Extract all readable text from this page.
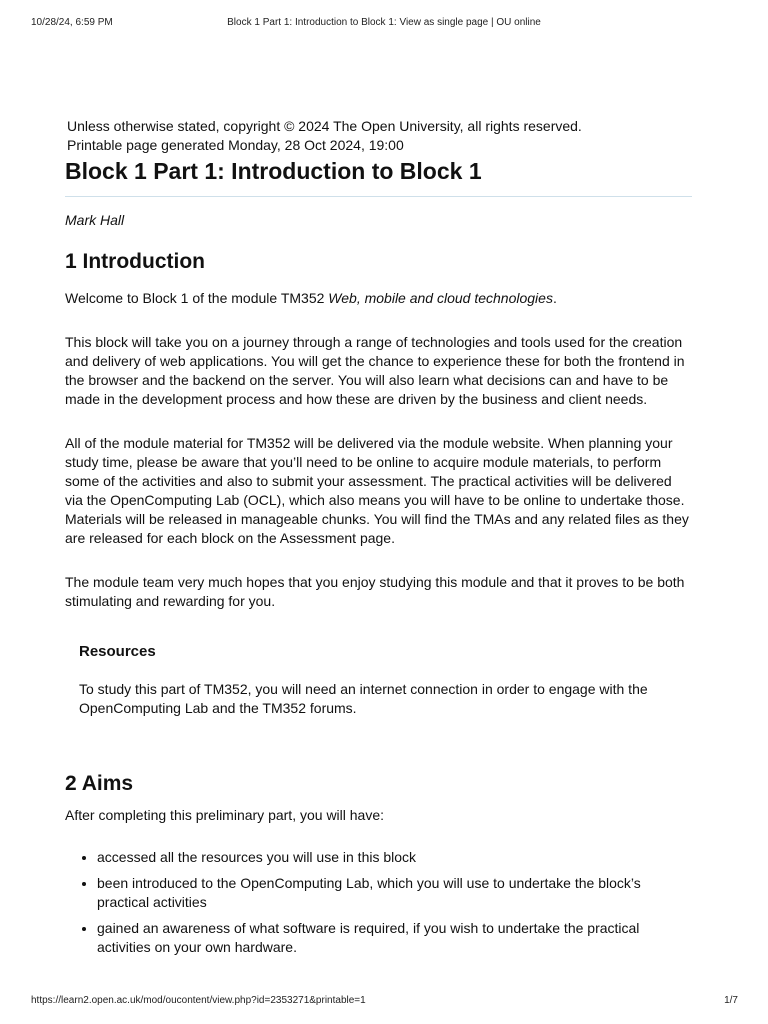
10/28/24, 6:59 PM	Block 1 Part 1: Introduction to Block 1: View as single page | OU online
Unless otherwise stated, copyright © 2024 The Open University, all rights reserved.
Printable page generated Monday, 28 Oct 2024, 19:00
Block 1 Part 1: Introduction to Block 1
Mark Hall
1 Introduction

Welcome to Block 1 of the module TM352 Web, mobile and cloud technologies.

This block will take you on a journey through a range of technologies and tools used for the creation and delivery of web applications. You will get the chance to experience these for both the frontend in the browser and the backend on the server. You will also learn what decisions can and have to be made in the development process and how these are driven by the business and client needs.

All of the module material for TM352 will be delivered via the module website. When planning your study time, please be aware that you’ll need to be online to acquire module materials, to perform some of the activities and also to submit your assessment. The practical activities will be delivered via the OpenComputing Lab (OCL), which also means you will have to be online to undertake those. Materials will be released in manageable chunks. You will find the TMAs and any related files as they are released for each block on the Assessment page.

The module team very much hopes that you enjoy studying this module and that it proves to be both stimulating and rewarding for you.

Resources

To study this part of TM352, you will need an internet connection in order to engage with the OpenComputing Lab and the TM352 forums.

2 Aims

After completing this preliminary part, you will have:

• accessed all the resources you will use in this block
• been introduced to the OpenComputing Lab, which you will use to undertake the block’s practical activities
• gained an awareness of what software is required, if you wish to undertake the practical activities on your own hardware.
https://learn2.open.ac.uk/mod/oucontent/view.php?id=2353271&printable=1	1/7
